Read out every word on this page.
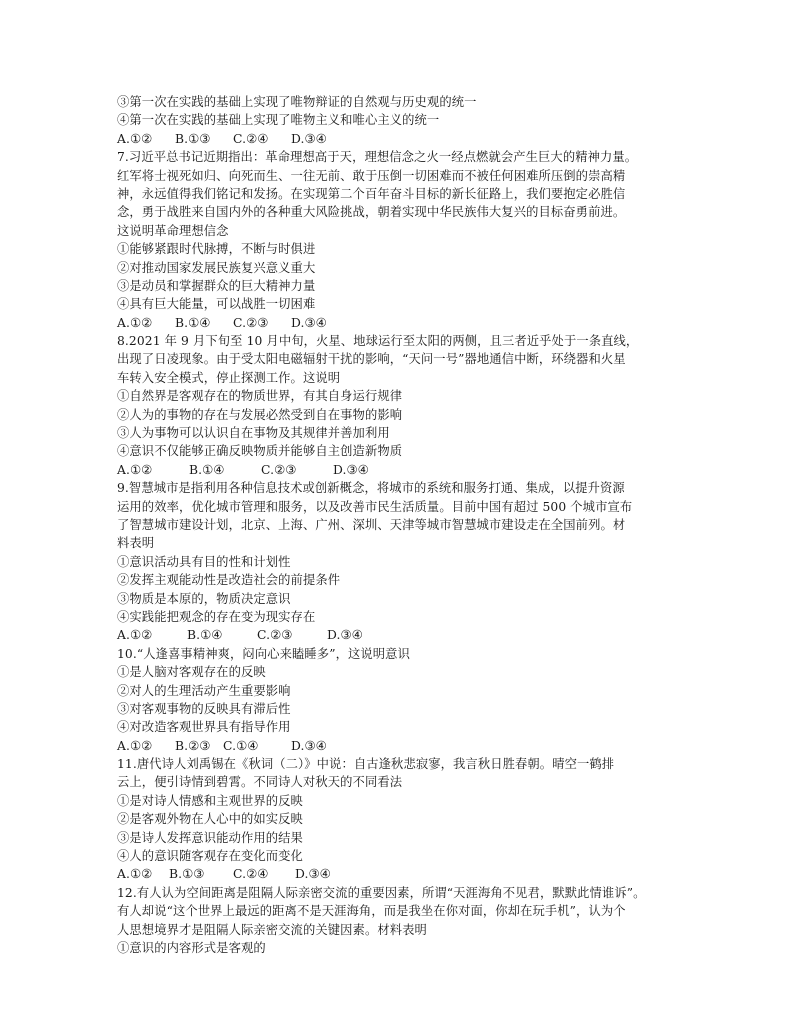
③第一次在实践的基础上实现了唯物辩证的自然观与历史观的统一
④第一次在实践的基础上实现了唯物主义和唯心主义的统一
A.①②	B.①③	C.②④	D.③④
7.习近平总书记近期指出：革命理想高于天，理想信念之火一经点燃就会产生巨大的精神力量。
红军将士视死如归、向死而生、一往无前、敢于压倒一切困难而不被任何困难所压倒的崇高精
神，永远值得我们铭记和发扬。在实现第二个百年奋斗目标的新长征路上，我们要抱定必胜信
念，勇于战胜来自国内外的各种重大风险挑战，朝着实现中华民族伟大复兴的目标奋勇前进。
这说明革命理想信念
①能够紧跟时代脉搏，不断与时俱进
②对推动国家发展民族复兴意义重大
③是动员和掌握群众的巨大精神力量
④具有巨大能量，可以战胜一切困难
A.①②	B.①④	C.②③	D.③④
8.2021 年 9 月下旬至 10 月中旬，火星、地球运行至太阳的两侧，且三者近乎处于一条直线，
出现了日凌现象。由于受太阳电磁辐射干扰的影响，“天问一号”器地通信中断，环绕器和火星
车转入安全模式，停止探测工作。这说明
①自然界是客观存在的物质世界，有其自身运行规律
②人为的事物的存在与发展必然受到自在事物的影响
③人为事物可以认识自在事物及其规律并善加利用
④意识不仅能够正确反映物质并能够自主创造新物质
A.①②	B.①④	C.②③	D.③④
9.智慧城市是指利用各种信息技术或创新概念，将城市的系统和服务打通、集成，以提升资源
运用的效率，优化城市管理和服务，以及改善市民生活质量。目前中国有超过 500 个城市宣布
了智慧城市建设计划，北京、上海、广州、深圳、天津等城市智慧城市建设走在全国前列。材
料表明
①意识活动具有目的性和计划性
②发挥主观能动性是改造社会的前提条件
③物质是本原的，物质决定意识
④实践能把观念的存在变为现实存在
A.①②	B.①④	C.②③	D.③④
10.“人逢喜事精神爽，闷向心来瞌睡多”，这说明意识
①是人脑对客观存在的反映
②对人的生理活动产生重要影响
③对客观事物的反映具有滞后性
④对改造客观世界具有指导作用
A.①②	B.②③	C.①④	D.③④
11.唐代诗人刘禹锡在《秋词（二）》中说：自古逢秋悲寂寥，我言秋日胜春朝。晴空一鹤排
云上，便引诗情到碧霄。不同诗人对秋天的不同看法
①是对诗人情感和主观世界的反映
②是客观外物在人心中的如实反映
③是诗人发挥意识能动作用的结果
④人的意识随客观存在变化而变化
A.①②	B.①③	C.②④	D.③④
12.有人认为空间距离是阻隔人际亲密交流的重要因素，所谓“天涯海角不见君，默默此情谁诉”。
有人却说“这个世界上最远的距离不是天涯海角，而是我坐在你对面，你却在玩手机”，认为个
人思想境界才是阻隔人际亲密交流的关键因素。材料表明
①意识的内容形式是客观的
